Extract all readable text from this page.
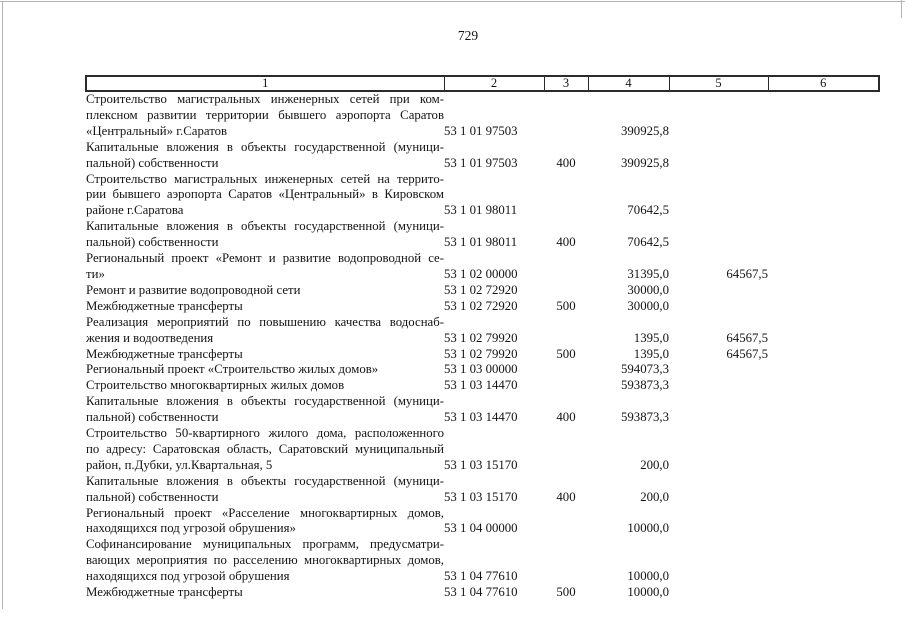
729
1	2	3	4	5	6

Строительство магистральных инженерных сетей при ком-
плексном развитии территории бывшего аэропорта Саратов
«Центральный» г.Саратов	53 1 01 97503		390925,8		

Капитальные вложения в объекты государственной (муници-
пальной) собственности	53 1 01 97503	400	390925,8		

Строительство магистральных инженерных сетей на террито-
рии бывшего аэропорта Саратов «Центральный» в Кировском
районе г.Саратова	53 1 01 98011		70642,5		

Капитальные вложения в объекты государственной (муници-
пальной) собственности	53 1 01 98011	400	70642,5		

Региональный проект «Ремонт и развитие водопроводной се-
ти»	53 1 02 00000		31395,0	64567,5	

Ремонт и развитие водопроводной сети	53 1 02 72920		30000,0		

Межбюджетные трансферты	53 1 02 72920	500	30000,0		

Реализация мероприятий по повышению качества водоснаб-
жения и водоотведения	53 1 02 79920		1395,0	64567,5	

Межбюджетные трансферты	53 1 02 79920	500	1395,0	64567,5	

Региональный проект «Строительство жилых домов»	53 1 03 00000		594073,3		

Строительство многоквартирных жилых домов	53 1 03 14470		593873,3		

Капитальные вложения в объекты государственной (муници-
пальной) собственности	53 1 03 14470	400	593873,3		

Строительство 50-квартирного жилого дома, расположенного
по адресу: Саратовская область, Саратовский муниципальный
район, п.Дубки, ул.Квартальная, 5	53 1 03 15170		200,0		

Капитальные вложения в объекты государственной (муници-
пальной) собственности	53 1 03 15170	400	200,0		

Региональный проект «Расселение многоквартирных домов,
находящихся под угрозой обрушения»	53 1 04 00000		10000,0		

Софинансирование муниципальных программ, предусматри-
вающих мероприятия по расселению многоквартирных домов,
находящихся под угрозой обрушения	53 1 04 77610		10000,0		

Межбюджетные трансферты	53 1 04 77610	500	10000,0		
